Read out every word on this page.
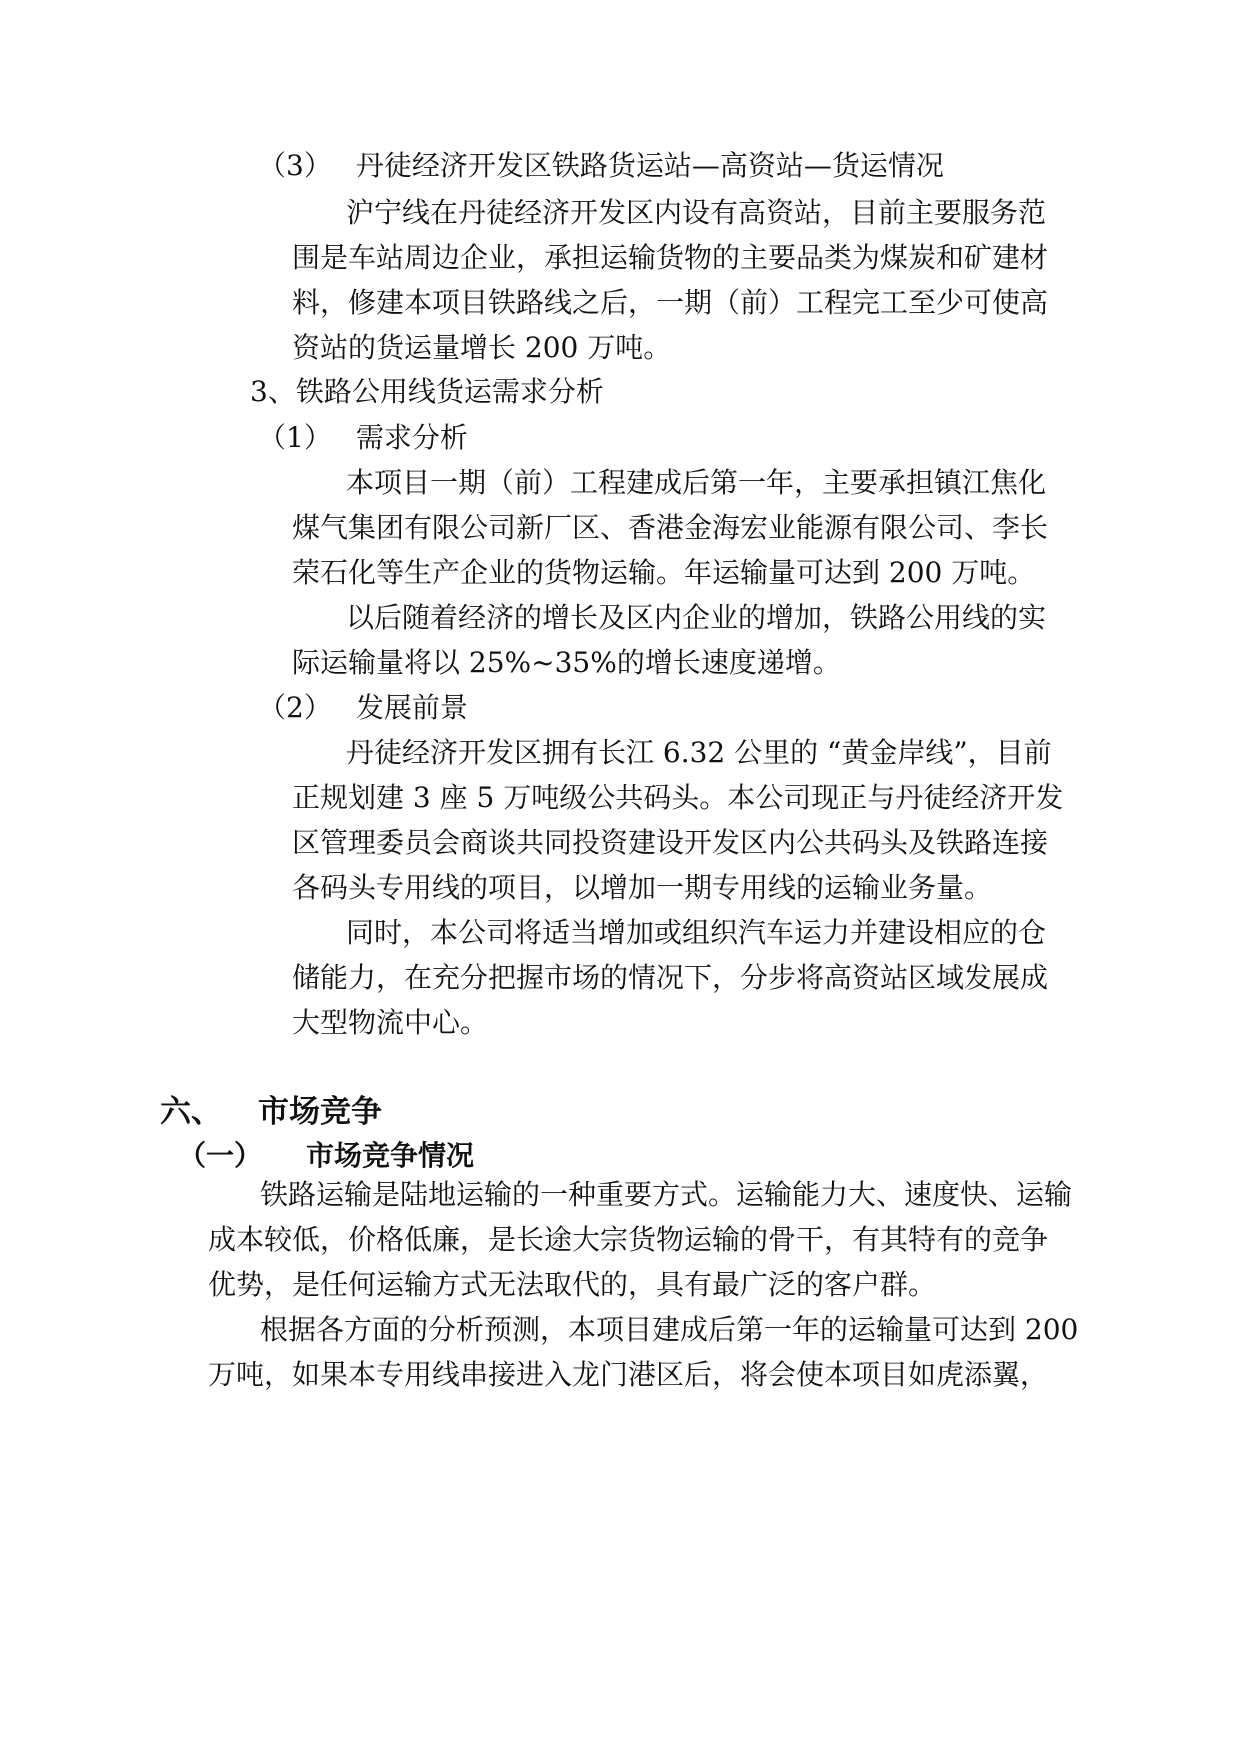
（3） 丹徒经济开发区铁路货运站—高资站—货运情况
沪宁线在丹徒经济开发区内设有高资站，目前主要服务范
围是车站周边企业，承担运输货物的主要品类为煤炭和矿建材
料，修建本项目铁路线之后，一期（前）工程完工至少可使高
资站的货运量增长 200 万吨。
3、铁路公用线货运需求分析
（1） 需求分析
本项目一期（前）工程建成后第一年，主要承担镇江焦化
煤气集团有限公司新厂区、香港金海宏业能源有限公司、李长
荣石化等生产企业的货物运输。年运输量可达到 200 万吨。
以后随着经济的增长及区内企业的增加，铁路公用线的实
际运输量将以 25%~35%的增长速度递增。
（2） 发展前景
丹徒经济开发区拥有长江 6.32 公里的 “黄金岸线”，目前
正规划建 3 座 5 万吨级公共码头。本公司现正与丹徒经济开发
区管理委员会商谈共同投资建设开发区内公共码头及铁路连接
各码头专用线的项目，以增加一期专用线的运输业务量。
同时，本公司将适当增加或组织汽车运力并建设相应的仓
储能力，在充分把握市场的情况下，分步将高资站区域发展成
大型物流中心。
六、 市场竞争
（一） 市场竞争情况
铁路运输是陆地运输的一种重要方式。运输能力大、速度快、运输
成本较低，价格低廉，是长途大宗货物运输的骨干，有其特有的竞争
优势，是任何运输方式无法取代的，具有最广泛的客户群。
根据各方面的分析预测，本项目建成后第一年的运输量可达到 200
万吨，如果本专用线串接进入龙门港区后，将会使本项目如虎添翼，
